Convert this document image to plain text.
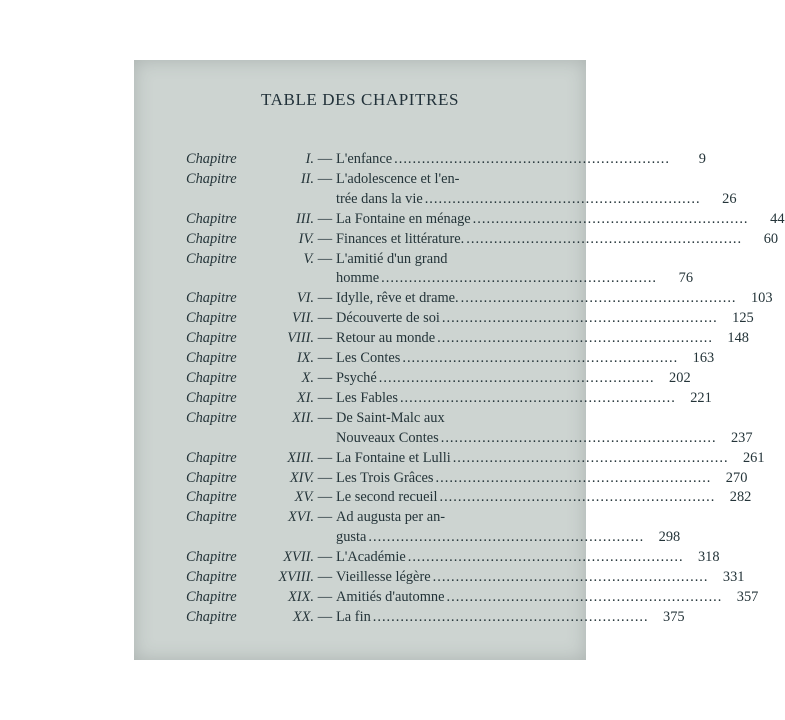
TABLE DES CHAPITRES
Chapitre	I. — L'enfance ............................................................	9
Chapitre	II. — L'adolescence et l'en-
trée dans la vie ............................................................	26
Chapitre	III. — La Fontaine en ménage ............................................................	44
Chapitre	IV. — Finances et littérature. ............................................................	60
Chapitre	V. — L'amitié d'un grand
homme ............................................................	76
Chapitre	VI. — Idylle, rêve et drame. ............................................................	103
Chapitre	VII. — Découverte de soi ............................................................	125
Chapitre	VIII. — Retour au monde ............................................................	148
Chapitre	IX. — Les Contes ............................................................	163
Chapitre	X. — Psyché ............................................................	202
Chapitre	XI. — Les Fables ............................................................	221
Chapitre	XII. — De Saint-Malc aux
Nouveaux Contes ............................................................	237
Chapitre	XIII. — La Fontaine et Lulli ............................................................	261
Chapitre	XIV. — Les Trois Grâces ............................................................	270
Chapitre	XV. — Le second recueil ............................................................	282
Chapitre	XVI. — Ad augusta per an-
gusta ............................................................	298
Chapitre	XVII. — L'Académie ............................................................	318
Chapitre	XVIII. — Vieillesse légère ............................................................	331
Chapitre	XIX. — Amitiés d'automne ............................................................	357
Chapitre	XX. — La fin ............................................................	375
